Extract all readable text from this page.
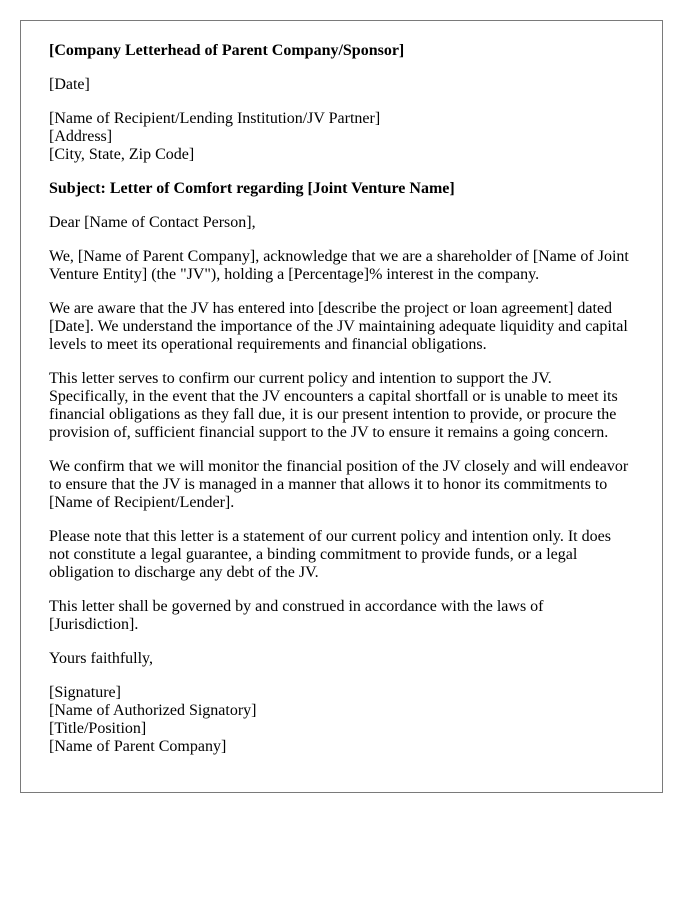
[Company Letterhead of Parent Company/Sponsor]

[Date]

[Name of Recipient/Lending Institution/JV Partner]
[Address]
[City, State, Zip Code]

Subject: Letter of Comfort regarding [Joint Venture Name]

Dear [Name of Contact Person],

We, [Name of Parent Company], acknowledge that we are a shareholder of [Name of Joint Venture Entity] (the "JV"), holding a [Percentage]% interest in the company.

We are aware that the JV has entered into [describe the project or loan agreement] dated [Date]. We understand the importance of the JV maintaining adequate liquidity and capital levels to meet its operational requirements and financial obligations.

This letter serves to confirm our current policy and intention to support the JV. Specifically, in the event that the JV encounters a capital shortfall or is unable to meet its financial obligations as they fall due, it is our present intention to provide, or procure the provision of, sufficient financial support to the JV to ensure it remains a going concern.

We confirm that we will monitor the financial position of the JV closely and will endeavor to ensure that the JV is managed in a manner that allows it to honor its commitments to [Name of Recipient/Lender].

Please note that this letter is a statement of our current policy and intention only. It does not constitute a legal guarantee, a binding commitment to provide funds, or a legal obligation to discharge any debt of the JV.

This letter shall be governed by and construed in accordance with the laws of [Jurisdiction].

Yours faithfully,

[Signature]
[Name of Authorized Signatory]
[Title/Position]
[Name of Parent Company]
